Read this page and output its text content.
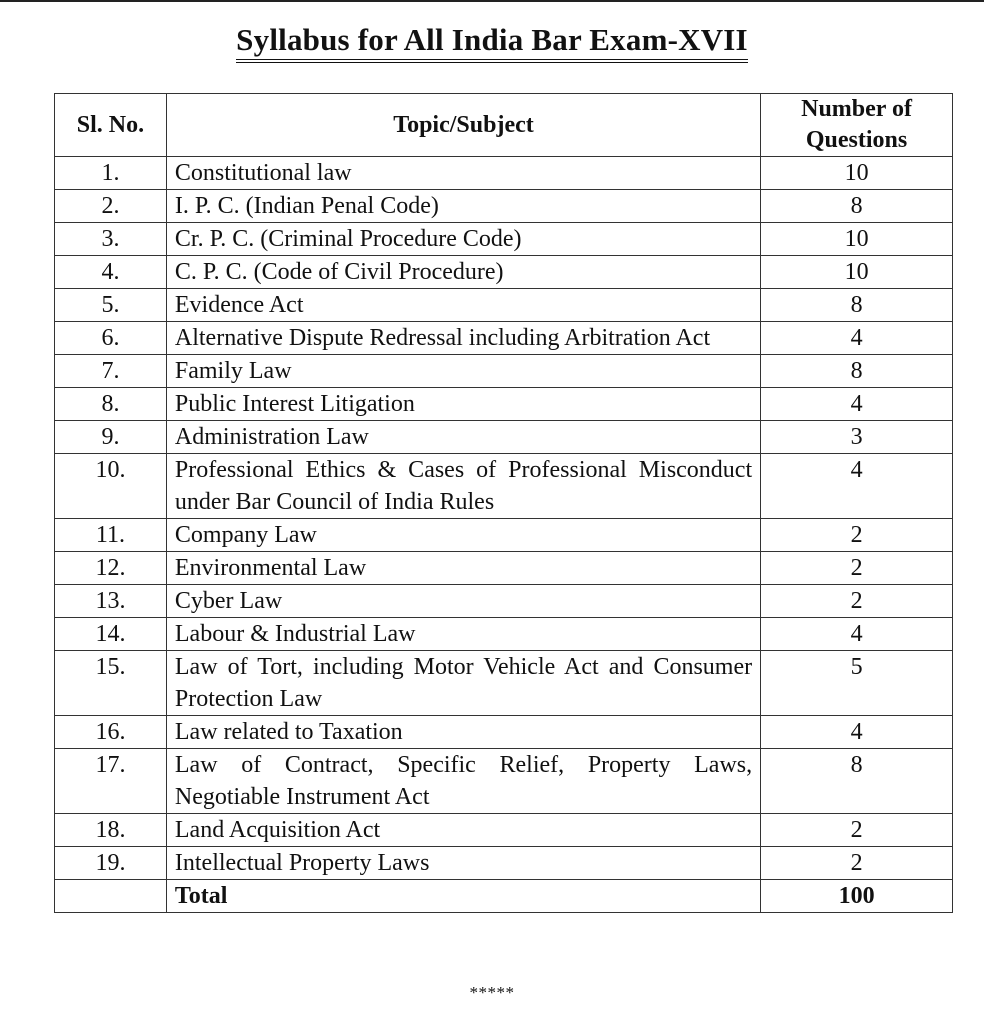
Syllabus for All India Bar Exam-XVII
Sl. No.	Topic/Subject	Number of Questions
1.	Constitutional law	10
2.	I. P. C. (Indian Penal Code)	8
3.	Cr. P. C. (Criminal Procedure Code)	10
4.	C. P. C. (Code of Civil Procedure)	10
5.	Evidence Act	8
6.	Alternative Dispute Redressal including Arbitration Act	4
7.	Family Law	8
8.	Public Interest Litigation	4
9.	Administration Law	3
10.	Professional Ethics & Cases of Professional Misconduct under Bar Council of India Rules	4
11.	Company Law	2
12.	Environmental Law	2
13.	Cyber Law	2
14.	Labour & Industrial Law	4
15.	Law of Tort, including Motor Vehicle Act and Consumer Protection Law	5
16.	Law related to Taxation	4
17.	Law of Contract, Specific Relief, Property Laws, Negotiable Instrument Act	8
18.	Land Acquisition Act	2
19.	Intellectual Property Laws	2
	Total	100
*****
